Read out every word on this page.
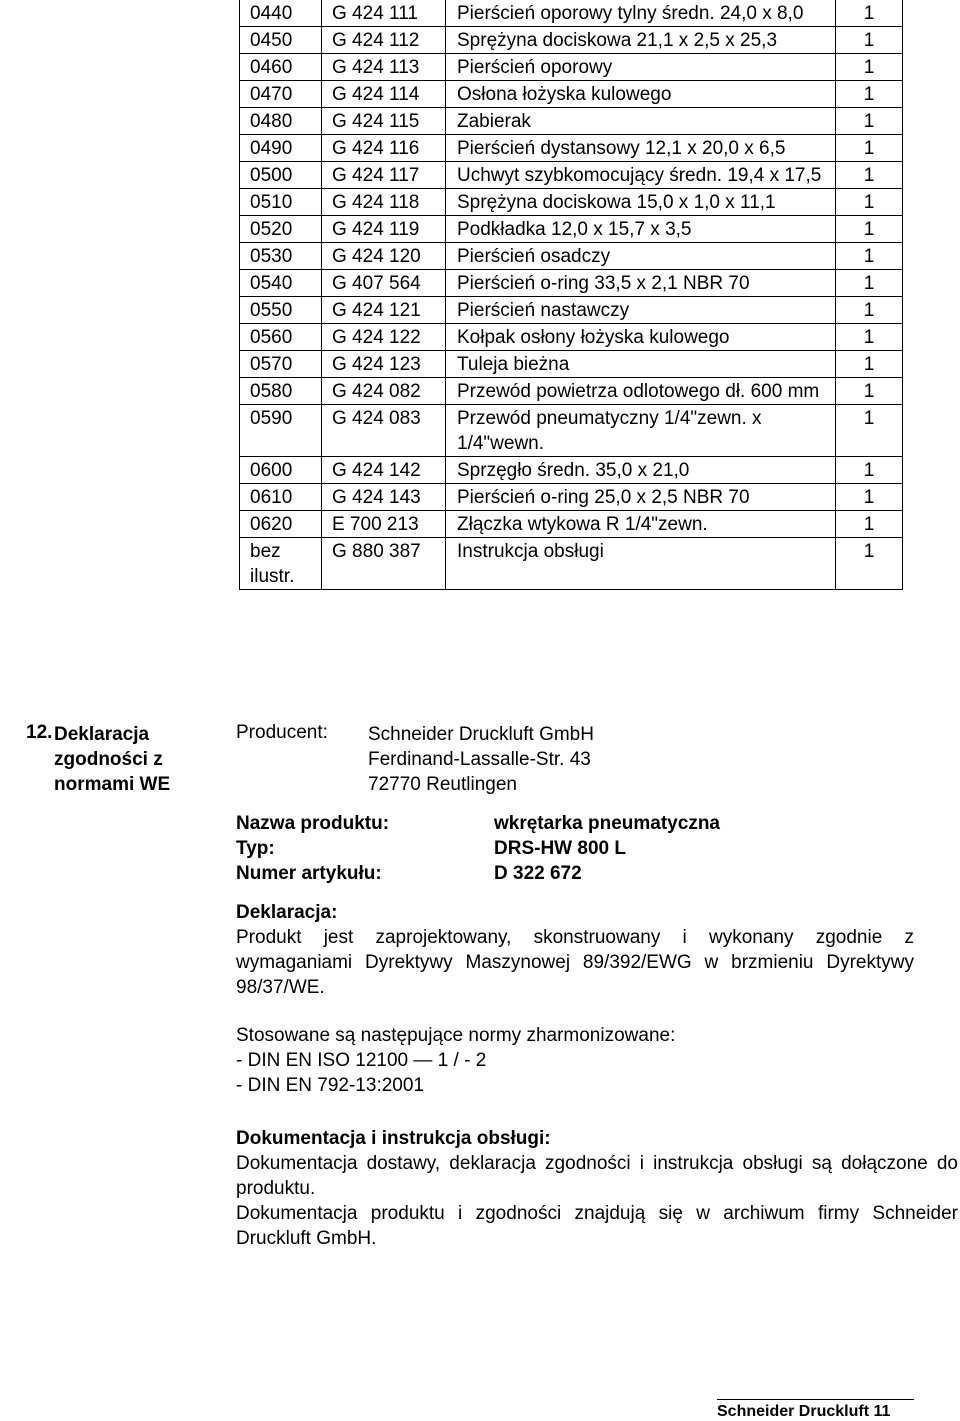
0440	G 424 111	Pierścień oporowy tylny średn. 24,0 x 8,0	1
0450	G 424 112	Sprężyna dociskowa 21,1 x 2,5 x 25,3	1
0460	G 424 113	Pierścień oporowy	1
0470	G 424 114	Osłona łożyska kulowego	1
0480	G 424 115	Zabierak	1
0490	G 424 116	Pierścień dystansowy 12,1 x 20,0 x 6,5	1
0500	G 424 117	Uchwyt szybkomocujący średn. 19,4 x 17,5	1
0510	G 424 118	Sprężyna dociskowa 15,0 x 1,0 x 11,1	1
0520	G 424 119	Podkładka 12,0 x 15,7 x 3,5	1
0530	G 424 120	Pierścień osadczy	1
0540	G 407 564	Pierścień o-ring 33,5 x 2,1 NBR 70	1
0550	G 424 121	Pierścień nastawczy	1
0560	G 424 122	Kołpak osłony łożyska kulowego	1
0570	G 424 123	Tuleja bieżna	1
0580	G 424 082	Przewód powietrza odlotowego dł. 600 mm	1
0590	G 424 083	Przewód pneumatyczny 1/4"zewn. x 1/4"wewn.	1
0600	G 424 142	Sprzęgło średn. 35,0 x 21,0	1
0610	G 424 143	Pierścień o-ring 25,0 x 2,5 NBR 70	1
0620	E 700 213	Złączka wtykowa R 1/4"zewn.	1
bez ilustr.	G 880 387	Instrukcja obsługi	1
12. Deklaracja
zgodności z
normami WE
Producent: Schneider Druckluft GmbH
Ferdinand-Lassalle-Str. 43
72770 Reutlingen
Nazwa produktu:	wkrętarka pneumatyczna
Typ:	DRS-HW 800 L
Numer artykułu:	D 322 672
Deklaracja:

Produkt jest zaprojektowany, skonstruowany i wykonany zgodnie z wymaganiami Dyrektywy Maszynowej 89/392/EWG w brzmieniu Dyrektywy 98/37/WE.

Stosowane są następujące normy zharmonizowane:
- DIN EN ISO 12100 — 1 / - 2
- DIN EN 792-13:2001
Dokumentacja i instrukcja obsługi:

Dokumentacja dostawy, deklaracja zgodności i instrukcja obsługi są dołączone do produktu.

Dokumentacja produktu i zgodności znajdują się w archiwum firmy Schneider Druckluft GmbH.

Schneider Druckluft 11
